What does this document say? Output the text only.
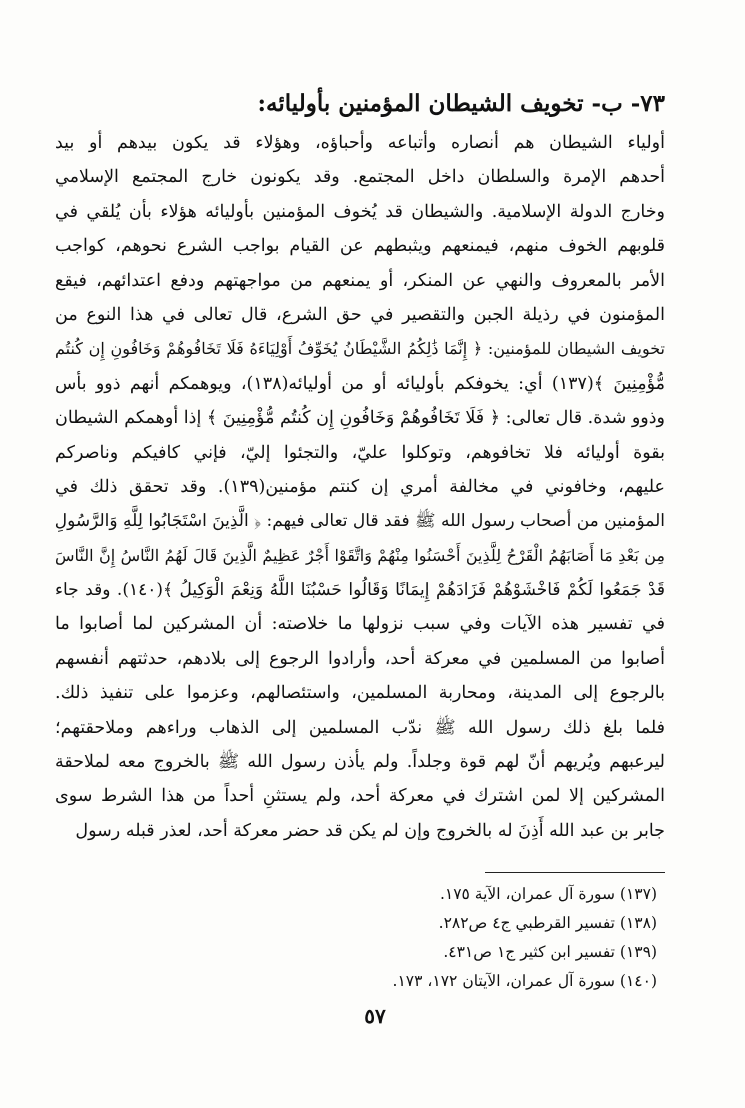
٧٣- ب- تخويف الشيطان المؤمنين بأوليائه:
أولياء الشيطان هم أنصاره وأتباعه وأحباؤه، وهؤلاء قد يكون بيدهم أو بيد
أحدهم الإمرة والسلطان داخل المجتمع. وقد يكونون خارج المجتمع الإسلامي
وخارج الدولة الإسلامية. والشيطان قد يُخوف المؤمنين بأوليائه هؤلاء بأن يُلقي في
قلوبهم الخوف منهم، فيمنعهم ويثبطهم عن القيام بواجب الشرع نحوهم، كواجب
الأمر بالمعروف والنهي عن المنكر، أو يمنعهم من مواجهتهم ودفع اعتدائهم، فيقع
المؤمنون في رذيلة الجبن والتقصير في حق الشرع، قال تعالى في هذا النوع من
تخويف الشيطان للمؤمنين: ﴿ إِنَّمَا ذَٰلِكُمُ الشَّيْطَانُ يُخَوِّفُ أَوْلِيَاءَهُ فَلَا تَخَافُوهُمْ وَخَافُونِ إِن كُنتُم
مُّؤْمِنِينَ ﴾(١٣٧) أي: يخوفكم بأوليائه أو من أوليائه(١٣٨)، ويوهمكم أنهم ذوو بأس
وذوو شدة. قال تعالى: ﴿ فَلَا تَخَافُوهُمْ وَخَافُونِ إِن كُنتُم مُّؤْمِنِينَ ﴾ إذا أوهمكم الشيطان
بقوة أوليائه فلا تخافوهم، وتوكلوا عليّ، والتجئوا إليّ، فإني كافيكم وناصركم
عليهم، وخافوني في مخالفة أمري إن كنتم مؤمنين(١٣٩). وقد تحقق ذلك في
المؤمنين من أصحاب رسول الله ﷺ فقد قال تعالى فيهم: ﴿ الَّذِينَ اسْتَجَابُوا لِلَّهِ وَالرَّسُولِ
مِن بَعْدِ مَا أَصَابَهُمُ الْقَرْحُ لِلَّذِينَ أَحْسَنُوا مِنْهُمْ وَاتَّقَوْا أَجْرٌ عَظِيمٌ الَّذِينَ قَالَ لَهُمُ النَّاسُ إِنَّ النَّاسَ
قَدْ جَمَعُوا لَكُمْ فَاخْشَوْهُمْ فَزَادَهُمْ إِيمَانًا وَقَالُوا حَسْبُنَا اللَّهُ وَنِعْمَ الْوَكِيلُ ﴾(١٤٠). وقد جاء
في تفسير هذه الآيات وفي سبب نزولها ما خلاصته: أن المشركين لما أصابوا ما
أصابوا من المسلمين في معركة أحد، وأرادوا الرجوع إلى بلادهم، حدثتهم أنفسهم
بالرجوع إلى المدينة، ومحاربة المسلمين، واستئصالهم، وعزموا على تنفيذ ذلك.
فلما بلغ ذلك رسول الله ﷺ ندّب المسلمين إلى الذهاب وراءهم وملاحقتهم؛
ليرعبهم ويُريهم أنّ لهم قوة وجلداً. ولم يأذن رسول الله ﷺ بالخروج معه لملاحقة
المشركين إلا لمن اشترك في معركة أحد، ولم يستثنِ أحداً من هذا الشرط سوى
جابر بن عبد الله أَذِنَ له بالخروج وإن لم يكن قد حضر معركة أحد، لعذر قبله رسول
(١٣٧) سورة آل عمران، الآية ١٧٥.
(١٣٨) تفسير القرطبي ج٤ ص٢٨٢.
(١٣٩) تفسير ابن كثير ج١ ص٤٣١.
(١٤٠) سورة آل عمران، الآيتان ١٧٢، ١٧٣.
٥٧
